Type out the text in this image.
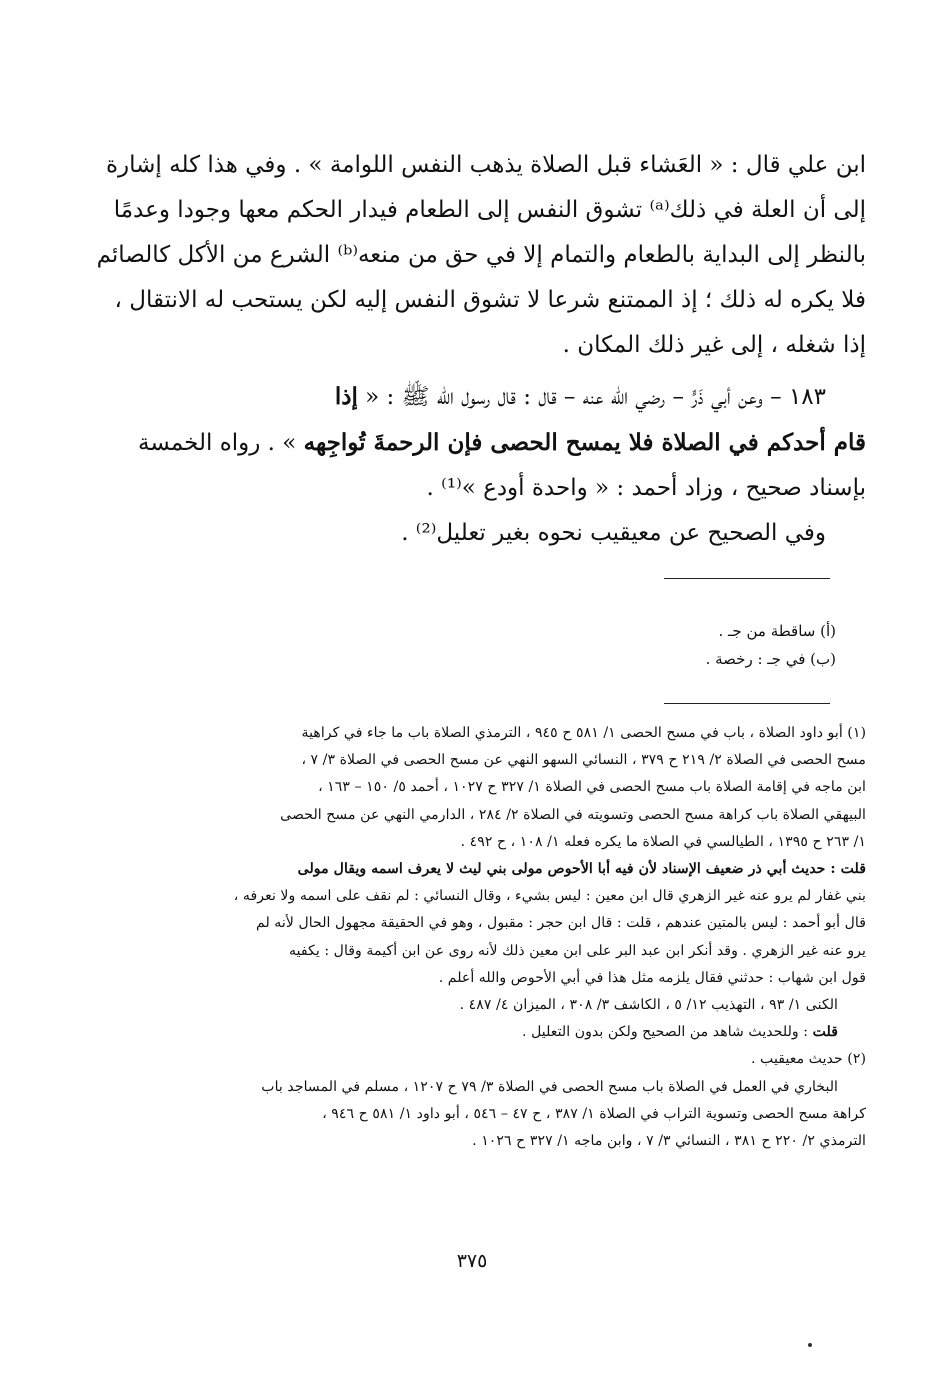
ابن علي قال : « العَشاء قبل الصلاة يذهب النفس اللوامة » . وفي هذا كله إشارة
إلى أن العلة في ذلك⁽ᵃ⁾ تشوق النفس إلى الطعام فيدار الحكم معها وجودا وعدمًا
بالنظر إلى البداية بالطعام والتمام إلا في حق من منعه⁽ᵇ⁾ الشرع من الأكل كالصائم
فلا يكره له ذلك ؛ إذ الممتنع شرعا لا تشوق النفس إليه لكن يستحب له الانتقال ،
إذا شغله ، إلى غير ذلك المكان .
١٨٣ – وعن أبي ذَرٍّ – رضي الله عنه – قال : قال رسول الله ﷺ : « إذا
قام أحدكم في الصلاة فلا يمسح الحصى فإن الرحمةَ تُواجِهه » . رواه الخمسة
بإسناد صحيح ، وزاد أحمد : « واحدة أودع »⁽¹⁾ .
وفي الصحيح عن معيقيب نحوه بغير تعليل⁽²⁾ .
(أ) ساقطة من جـ .
(ب) في جـ : رخصة .
(١) أبو داود الصلاة ، باب في مسح الحصى ١/ ٥٨١ ح ٩٤٥ ، الترمذي الصلاة باب ما جاء في كراهية
مسح الحصى في الصلاة ٢/ ٢١٩ ح ٣٧٩ ، النسائي السهو النهي عن مسح الحصى في الصلاة ٣/ ٧ ،
ابن ماجه في إقامة الصلاة باب مسح الحصى في الصلاة ١/ ٣٢٧ ح ١٠٢٧ ، أحمد ٥/ ١٥٠ – ١٦٣ ،
البيهقي الصلاة باب كراهة مسح الحصى وتسويته في الصلاة ٢/ ٢٨٤ ، الدارمي النهي عن مسح الحصى
١/ ٢٦٣ ح ١٣٩٥ ، الطيالسي في الصلاة ما يكره فعله ١/ ١٠٨ ، ح ٤٩٢ .
قلت : حديث أبي ذر ضعيف الإسناد لأن فيه أبا الأحوص مولى بني ليث لا يعرف اسمه ويقال مولى
بني غفار لم يرو عنه غير الزهري قال ابن معين : ليس بشيء ، وقال النسائي : لم نقف على اسمه ولا نعرفه ،
قال أبو أحمد : ليس بالمتين عندهم ، قلت : قال ابن حجر : مقبول ، وهو في الحقيقة مجهول الحال لأنه لم
يرو عنه غير الزهري . وقد أنكر ابن عبد البر على ابن معين ذلك لأنه روى عن ابن أكيمة وقال : يكفيه
قول ابن شهاب : حدثني فقال يلزمه مثل هذا في أبي الأحوص والله أعلم .
الكنى ١/ ٩٣ ، التهذيب ١٢/ ٥ ، الكاشف ٣/ ٣٠٨ ، الميزان ٤/ ٤٨٧ .
قلت : وللحديث شاهد من الصحيح ولكن بدون التعليل .
(٢) حديث معيقيب .
البخاري في العمل في الصلاة باب مسح الحصى في الصلاة ٣/ ٧٩ ح ١٢٠٧ ، مسلم في المساجد باب
كراهة مسح الحصى وتسوية التراب في الصلاة ١/ ٣٨٧ ، ح ٤٧ – ٥٤٦ ، أبو داود ١/ ٥٨١ ح ٩٤٦ ،
الترمذي ٢/ ٢٢٠ ح ٣٨١ ، النسائي ٣/ ٧ ، وابن ماجه ١/ ٣٢٧ ح ١٠٢٦ .
٣٧٥
